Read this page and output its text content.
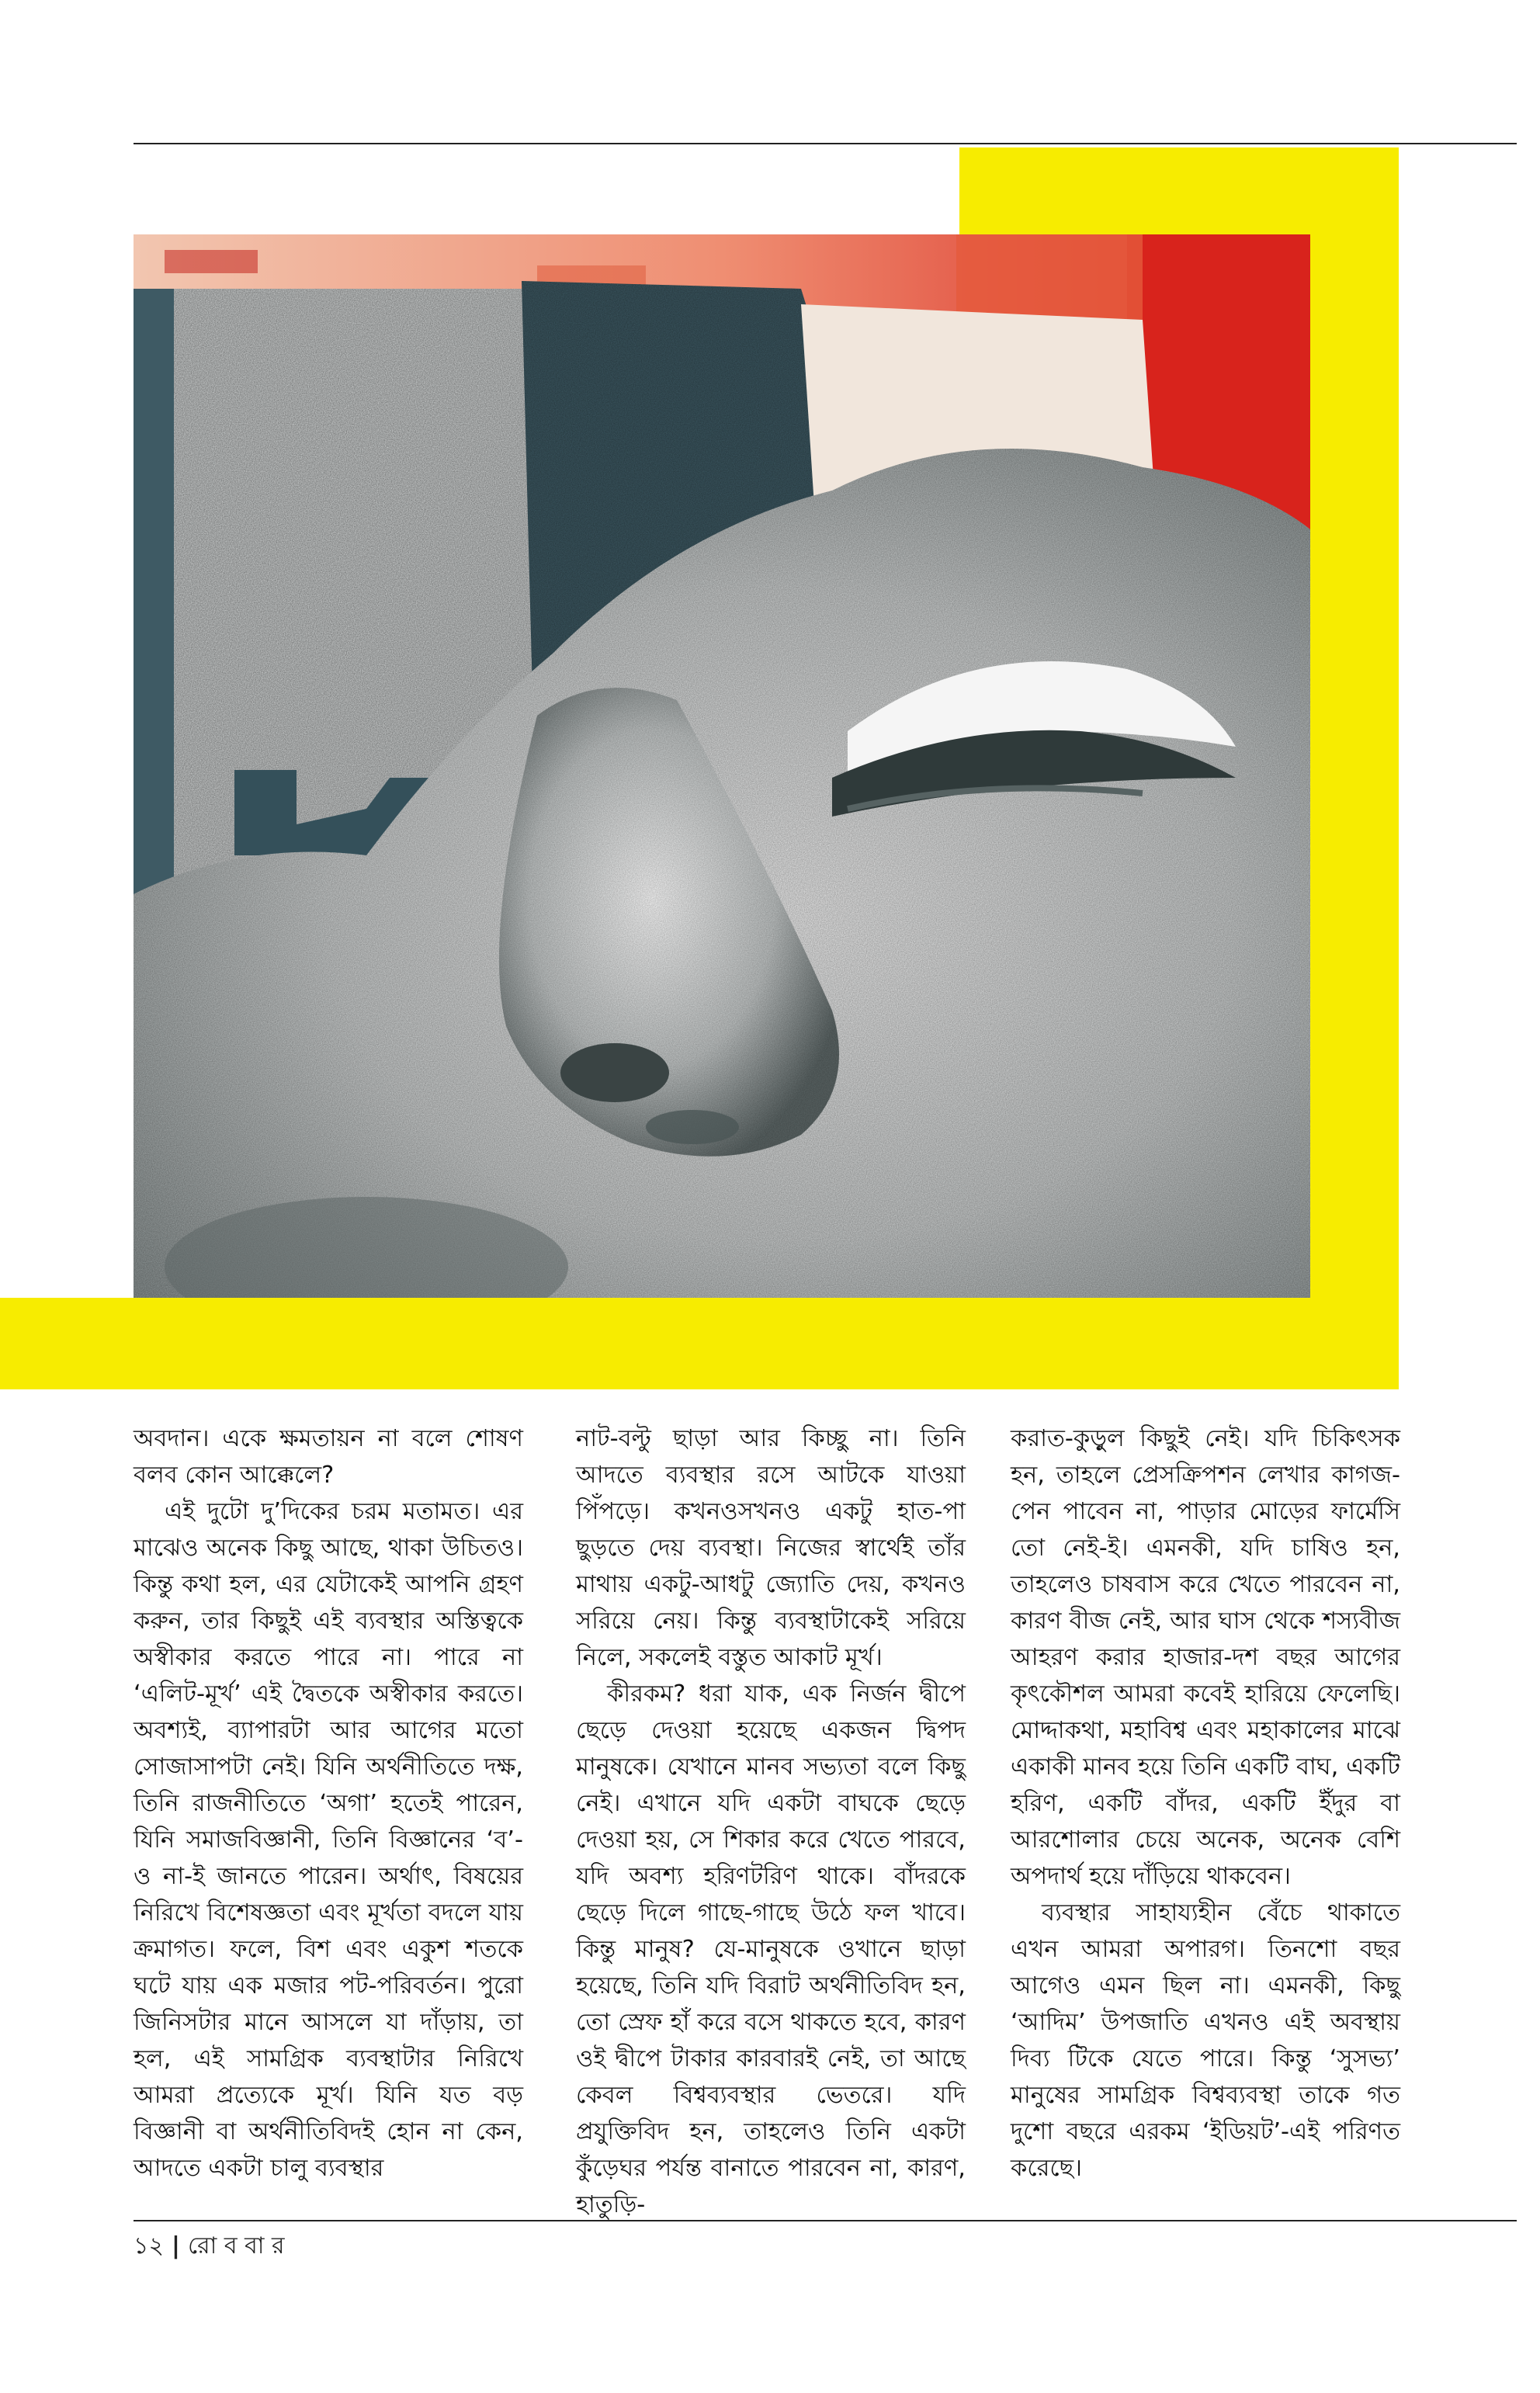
অবদান। একে ক্ষমতায়ন না বলে শোষণ বলব কোন আক্কেলে?

এই দুটো দু’দিকের চরম মতামত। এর মাঝেও অনেক কিছু আছে, থাকা উচিতও। কিন্তু কথা হল, এর যেটাকেই আপনি গ্রহণ করুন, তার কিছুই এই ব্যবস্থার অস্তিত্বকে অস্বীকার করতে পারে না। পারে না ‘এলিট-মূর্খ’ এই দ্বৈতকে অস্বীকার করতে। অবশ্যই, ব্যাপারটা আর আগের মতো সোজাসাপটা নেই। যিনি অর্থনীতিতে দক্ষ, তিনি রাজনীতিতে ‘অগা’ হতেই পারেন, যিনি সমাজবিজ্ঞানী, তিনি বিজ্ঞানের ‘ব’-ও না-ই জানতে পারেন। অর্থাৎ, বিষয়ের নিরিখে বিশেষজ্ঞতা এবং মূর্খতা বদলে যায় ক্রমাগত। ফলে, বিশ এবং একুশ শতকে ঘটে যায় এক মজার পট-পরিবর্তন। পুরো জিনিসটার মানে আসলে যা দাঁড়ায়, তা হল, এই সামগ্রিক ব্যবস্থাটার নিরিখে আমরা প্রত্যেকে মূর্খ। যিনি যত বড় বিজ্ঞানী বা অর্থনীতিবিদই হোন না কেন, আদতে একটা চালু ব্যবস্থার

নাট-বল্টু ছাড়া আর কিচ্ছু না। তিনি আদতে ব্যবস্থার রসে আটকে যাওয়া পিঁপড়ে। কখনওসখনও একটু হাত-পা ছুড়তে দেয় ব্যবস্থা। নিজের স্বার্থেই তাঁর মাথায় একটু-আধটু জ্যোতি দেয়, কখনও সরিয়ে নেয়। কিন্তু ব্যবস্থাটাকেই সরিয়ে নিলে, সকলেই বস্তুত আকাট মূর্খ।

কীরকম? ধরা যাক, এক নির্জন দ্বীপে ছেড়ে দেওয়া হয়েছে একজন দ্বিপদ মানুষকে। যেখানে মানব সভ্যতা বলে কিছু নেই। এখানে যদি একটা বাঘকে ছেড়ে দেওয়া হয়, সে শিকার করে খেতে পারবে, যদি অবশ্য হরিণটরিণ থাকে। বাঁদরকে ছেড়ে দিলে গাছে-গাছে উঠে ফল খাবে। কিন্তু মানুষ? যে-মানুষকে ওখানে ছাড়া হয়েছে, তিনি যদি বিরাট অর্থনীতিবিদ হন, তো স্রেফ হাঁ করে বসে থাকতে হবে, কারণ ওই দ্বীপে টাকার কারবারই নেই, তা আছে কেবল বিশ্বব্যবস্থার ভেতরে। যদি প্রযুক্তিবিদ হন, তাহলেও তিনি একটা কুঁড়েঘর পর্যন্ত বানাতে পারবেন না, কারণ, হাতুড়ি-

করাত-কুড়ুল কিছুই নেই। যদি চিকিৎসক হন, তাহলে প্রেসক্রিপশন লেখার কাগজ-পেন পাবেন না, পাড়ার মোড়ের ফার্মেসি তো নেই-ই। এমনকী, যদি চাষিও হন, তাহলেও চাষবাস করে খেতে পারবেন না, কারণ বীজ নেই, আর ঘাস থেকে শস্যবীজ আহরণ করার হাজার-দশ বছর আগের কৃৎকৌশল আমরা কবেই হারিয়ে ফেলেছি। মোদ্দাকথা, মহাবিশ্ব এবং মহাকালের মাঝে একাকী মানব হয়ে তিনি একটি বাঘ, একটি হরিণ, একটি বাঁদর, একটি ইঁদুর বা আরশোলার চেয়ে অনেক, অনেক বেশি অপদার্থ হয়ে দাঁড়িয়ে থাকবেন।

ব্যবস্থার সাহায্যহীন বেঁচে থাকাতে এখন আমরা অপারগ। তিনশো বছর আগেও এমন ছিল না। এমনকী, কিছু ‘আদিম’ উপজাতি এখনও এই অবস্থায় দিব্য টিকে যেতে পারে। কিন্তু ‘সুসভ্য’ মানুষের সামগ্রিক বিশ্বব্যবস্থা তাকে গত দুশো বছরে এরকম ‘ইডিয়ট’-এই পরিণত করেছে।

১২ | রো ব বা র
